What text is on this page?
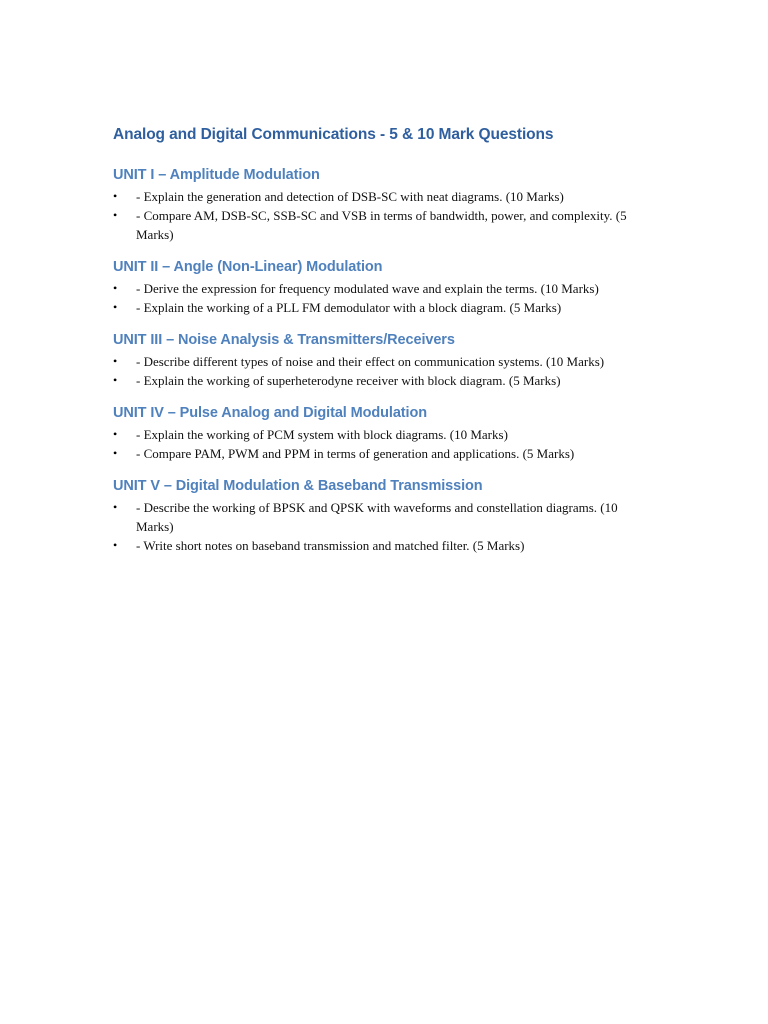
Analog and Digital Communications - 5 & 10 Mark Questions
UNIT I – Amplitude Modulation
• - Explain the generation and detection of DSB-SC with neat diagrams. (10 Marks)
• - Compare AM, DSB-SC, SSB-SC and VSB in terms of bandwidth, power, and complexity. (5 Marks)
UNIT II – Angle (Non-Linear) Modulation
• - Derive the expression for frequency modulated wave and explain the terms. (10 Marks)
• - Explain the working of a PLL FM demodulator with a block diagram. (5 Marks)
UNIT III – Noise Analysis & Transmitters/Receivers
• - Describe different types of noise and their effect on communication systems. (10 Marks)
• - Explain the working of superheterodyne receiver with block diagram. (5 Marks)
UNIT IV – Pulse Analog and Digital Modulation
• - Explain the working of PCM system with block diagrams. (10 Marks)
• - Compare PAM, PWM and PPM in terms of generation and applications. (5 Marks)
UNIT V – Digital Modulation & Baseband Transmission
• - Describe the working of BPSK and QPSK with waveforms and constellation diagrams. (10 Marks)
• - Write short notes on baseband transmission and matched filter. (5 Marks)
